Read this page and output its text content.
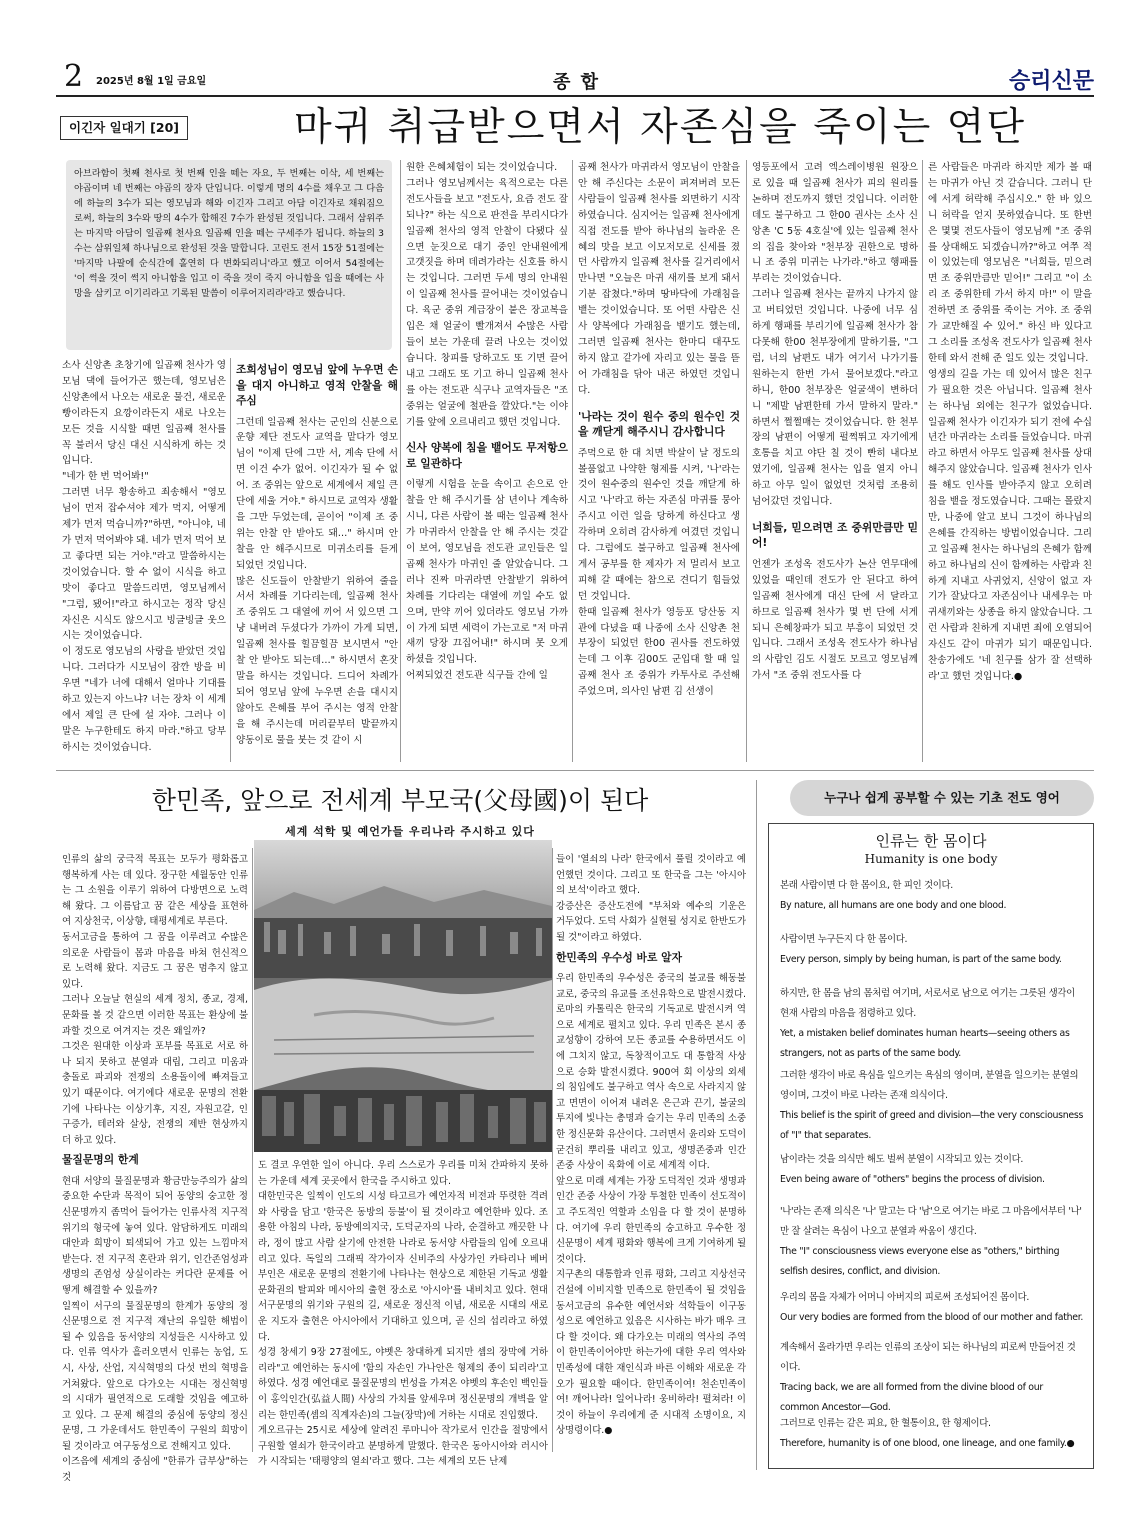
2 2025년 8월 1일 금요일	종 합	승리신문
이긴자 일대기 [20]	마귀 취급받으면서 자존심을 죽이는 연단
아브라함이 첫째 천사로 첫 번째 인을 떼는 자요, 두 번째는 이삭, 세 번째는 야곱이며 네 번째는 야곱의 장자 단입니다. 이렇게 명의 4수를 채우고 그 다음에 하늘의 3수가 되는 영모님과 해와 이긴자 그리고 아담 이긴자로 채워짐으로써, 하늘의 3수와 땅의 4수가 합해진 7수가 완성된 것입니다. 그래서 삼위주는 마지막 아담이 일곱째 천사요 일곱째 인을 떼는 구세주가 됩니다. 하늘의 3수는 삼위일체 하나님으로 완성된 것을 말합니다. 고린도 전서 15장 51절에는 '마지막 나팔에 순식간에 홀연히 다 변화되리니'라고 했고 이어서 54절에는 '이 썩을 것이 썩지 아니함을 입고 이 죽을 것이 죽지 아니함을 입을 때에는 사망을 삼키고 이기리라고 기록된 말씀이 이루어지리라'라고 했습니다.

소사 신앙촌 초창기에 일곱째 천사가 영모님 댁에 들어가곤 했는데, 영모님은 신앙촌에서 나오는 새로운 물건, 새로운 빵이라든지 요깡이라든지 새로 나오는 모든 것을 시식할 때면 일곱째 천사를 꼭 불러서 당신 대신 시식하게 하는 것입니다.

"네가 한 번 먹어봐!"

그러면 너무 황송하고 죄송해서 "영모님이 먼저 잡수셔야 제가 먹지, 어떻게 제가 먼저 먹습니까?"하면, "아니야, 네가 먼저 먹어봐야 돼. 네가 먼저 먹어 보고 좋다면 되는 거야."라고 말씀하시는 것이었습니다. 할 수 없이 시식을 하고 맛이 좋다고 말씀드리면, 영모님께서 "그럼, 됐어!"라고 하시고는 정작 당신 자신은 시식도 않으시고 빙글빙글 웃으시는 것이었습니다.

이 정도로 영모님의 사랑을 받았던 것입니다. 그러다가 시모님이 잠깐 방을 비우면 "네가 너에 대해서 얼마나 기대를 하고 있는지 아느냐? 너는 장차 이 세계에서 제일 큰 단에 설 자야. 그러나 이 말은 누구한테도 하지 마라."하고 당부하시는 것이었습니다.

조희성님이 영모님 앞에 누우면 손을 대지 아니하고 영적 안찰을 해주심

그런데 일곱째 천사는 군인의 신분으로 운향 제단 전도사 교역을 맡다가 영모님이 "이제 단에 그만 서, 계속 단에 서면 이건 수가 없어. 이긴자가 될 수 없어. 조 중위는 앞으로 세계에서 제일 큰 단에 세울 거야." 하시므로 교역자 생활을 그만 두었는데, 곧이어 "이제 조 중위는 안찰 안 받아도 돼…" 하시며 안찰을 안 해주시므로 미귀소리를 듣게 되었던 것입니다.

많은 신도들이 안찰받기 위하여 줄을 서서 차례를 기다리는데, 일곱째 천사 조 중위도 그 대열에 끼어 서 있으면 그냥 내버려 두셨다가 가까이 가게 되면, 일곱째 천사를 힐끔힐끔 보시면서 "안찰 안 받아도 되는데…" 하시면서 혼잣말을 하시는 것입니다. 드디어 차례가 되어 영모님 앞에 누우면 손을 대시지 않아도 은혜를 부어 주시는 영적 안찰을 해 주시는데 머리끝부터 발끝까지 양동이로 물을 붓는 것 같이 시

원한 은혜체험이 되는 것이었습니다.

그러나 영모님께서는 육적으로는 다른 전도사들을 보고 "전도사, 요즘 전도 잘되나?" 하는 식으로 판전을 부리시다가 일곱째 천사의 영적 안찰이 다됐다 싶으면 눈짓으로 대기 중인 안내원에게 고갯짓을 하며 데려가라는 신호를 하시는 것입니다. 그러면 두세 명의 안내원이 일곱째 천사를 끌어내는 것이었습니다. 육군 중위 계급장이 붙은 장교복을 입은 채 얼굴이 빨개져서 수많은 사람들이 보는 가운데 끌려 나오는 것이었습니다. 창피를 당하고도 또 기면 끌어내고 그래도 또 기고 하니 일곱째 천사를 아는 전도관 식구나 교역자들은 "조 중위는 얼굴에 철판을 깔았다."는 이야기를 앞에 오르내리고 했던 것입니다.

신사 양복에 침을 뱉어도 무저항으로 일관하다

이렇게 시험을 눈을 속이고 손으로 안찰을 안 해 주시기를 삼 년이나 계속하시니, 다른 사람이 볼 때는 일곱째 천사가 마귀라서 안찰을 안 해 주시는 것같이 보여, 영모님을 전도관 교인들은 일곱째 천사가 마귀인 줄 알았습니다. 그러나 진짜 마귀라면 안찰받기 위하여 차례를 기다리는 대열에 끼일 수도 없으며, 만약 끼어 있더라도 영모님 가까이 가게 되면 세력이 가는고로 "저 마귀새끼 당장 끄집어내!" 하시며 못 오게 하셨을 것입니다.

어찌되었건 전도관 식구들 간에 일

곱째 천사가 마귀라서 영모님이 안찰을 안 해 주신다는 소문이 퍼져버려 모든 사람들이 일곱째 천사를 외면하기 시작하였습니다. 심지어는 일곱째 천사에게 직접 전도를 받아 하나님의 놀라운 은혜의 맛을 보고 이모저모로 신세를 졌던 사람까지 일곱째 천사를 길거리에서 만나면 "오늘은 마귀 새끼를 보게 돼서 기분 잡쳤다."하며 땅바닥에 가래침을 뱉는 것이었습니다. 또 어떤 사람은 신사 양복에다 가래침을 뱉기도 했는데, 그러면 일곱째 천사는 한마디 대꾸도 하지 않고 같가에 자리고 있는 물을 뜯어 가래침을 닦아 내곤 하였던 것입니다.

'나라는 것이 원수 중의 원수인 것을 깨닫게 해주시니 감사합니다

주먹으로 한 대 치면 박살이 날 정도의 볼품없고 나약한 형제를 시켜, '나'라는 것이 원수중의 원수인 것을 깨닫게 하시고 '나'라고 하는 자존심 마귀를 뭉아주시고 이런 일을 당하게 하신다고 생각하며 오히려 감사하게 여겼던 것입니다. 그럼에도 불구하고 일곱째 천사에게서 공부를 한 제자가 저 멀리서 보고 피해 갈 때에는 참으로 견디기 힘들었던 것입니다.

한때 일곱째 천사가 영등포 당산동 지관에 다녔을 때 나중에 소사 신앙촌 천부장이 되었던 한00 권사를 전도하였는데 그 이후 김00도 군입대 할 때 일곱째 천사 조 중위가 카투사로 주선해 주었으며, 의사인 남편 김 선생이

영등포에서 고려 엑스레이병원 원장으로 있을 때 일곱째 천사가 피의 원리를 논하며 전도까지 했던 것입니다. 이러한데도 불구하고 그 한00 권사는 소사 신앙촌 'C 5동 4호실'에 있는 일곱째 천사의 집을 찾아와 "천부장 권한으로 명하니 조 중위 미귀는 나가라."하고 행패를 부리는 것이었습니다.

그러나 일곱째 천사는 끝까지 나가지 않고 버티었던 것입니다. 나중에 너무 심하게 행패를 부리기에 일곱째 천사가 참다못해 한00 천부장에게 말하기를, "그럼, 너의 남편도 내가 여기서 나가기를 원하는지 한번 가서 물어보겠다."라고 하니, 한00 천부장은 얼굴색이 변하더니 "제발 남편한테 가서 말하지 말라." 하면서 쩔쩔매는 것이었습니다. 한 천부장의 남편이 어떻게 펄쩍뛰고 자기에게 호통을 치고 야단 칠 것이 빤히 내다보였기에, 일곱째 천사는 입을 열지 아니하고 아무 일이 없었던 것처럼 조용히 넘어갔던 것입니다.

너희들, 믿으려면 조 중위만큼만 믿어!

언젠가 조성옥 전도사가 논산 연무대에 있었을 때인데 전도가 안 된다고 하여 일곱째 천사에게 대신 단에 서 달라고 하므로 일곱째 천사가 몇 번 단에 서게 되니 은혜창파가 되고 부흥이 되었던 것입니다. 그래서 조성옥 전도사가 하나님의 사람인 김도 시절도 모르고 영모님께 가서 "조 중위 전도사를 다

른 사람들은 마귀라 하지만 제가 볼 때는 마귀가 아닌 것 같습니다. 그러니 단에 서게 허락해 주십시오." 한 바 있으니 허락을 얻지 못하였습니다. 또 한번은 몇몇 전도사들이 영모님께 "조 중위를 상대해도 되겠습니까?"하고 여쭈 적이 있었는데 영모님은 "너희들, 믿으려면 조 중위만큼만 믿어!" 그리고 "이 소리 조 중위한테 가서 하지 마!" 이 말을 전하면 조 중위를 죽이는 거야. 조 중위가 교만해질 수 있어." 하신 바 있다고 그 소리를 조성옥 전도사가 일곱째 천사한테 와서 전해 준 일도 있는 것입니다.

영생의 길을 가는 데 있어서 많은 친구가 필요한 것은 아닙니다. 일곱째 천사는 하나님 외에는 친구가 없었습니다. 일곱째 천사가 이긴자가 되기 전에 수십 년간 마귀라는 소리를 들었습니다. 마귀라고 하면서 아무도 일곱째 천사를 상대해주지 않았습니다. 일곱째 천사가 인사를 해도 인사를 받아주지 않고 오히려 침을 뱉을 정도였습니다. 그때는 몰랐지만, 나중에 알고 보니 그것이 하나님의 은혜를 간직하는 방법이었습니다. 그리고 일곱째 천사는 하나님의 은혜가 함께하고 하나님의 신이 함께하는 사람과 친하게 지내고 사귀었지, 신앙이 없고 자기가 잘났다고 자존심이나 내세우는 마귀새끼와는 상종을 하지 않았습니다. 그런 사람과 친하게 지내면 죄에 오염되어 자신도 같이 마귀가 되기 때문입니다. 찬송가에도 '네 친구를 삼가 잘 선택하라'고 했던 것입니다.●

한민족, 앞으로 전세계 부모국(父母國)이 된다
세계 석학 및 예언가들 우리나라 주시하고 있다

인류의 삶의 궁극적 목표는 모두가 평화롭고 행복하게 사는 데 있다. 장구한 세월동안 인류는 그 소원을 이루기 위하여 다방면으로 노력해 왔다. 그 이름답고 꿈 같은 세상을 표현하여 지상천국, 이상향, 태평세계로 부른다.

동서고금을 통하여 그 꿈을 이루려고 수많은 의로운 사람들이 몸과 마음을 바쳐 헌신적으로 노력해 왔다. 지금도 그 꿈은 멈추지 않고 있다.

그러나 오늘날 현실의 세계 정치, 종교, 경제, 문화를 볼 것 같으면 이러한 목표는 환상에 불과할 것으로 여겨지는 것은 왜일까?

그것은 원대한 이상과 포부를 목표로 서로 하나 되지 못하고 분열과 대립, 그리고 미움과 충돌로 파괴와 전쟁의 소용돌이에 빠져들고 있기 때문이다. 여기에다 새로운 문명의 전환기에 나타나는 이상기후, 지진, 자원고갈, 인구증가, 테러와 살상, 전쟁의 제반 현상까지 더 하고 있다.

물질문명의 한계

현대 서양의 물질문명과 황금만능주의가 삶의 중요한 수단과 목적이 되어 동양의 숭고한 정신문명까지 좀먹어 들어가는 인류사적 지구적 위기의 형국에 놓여 있다. 암담하게도 미래의 대안과 희망이 퇴색되어 가고 있는 느낌마저 받는다. 전 지구적 혼란과 위기, 인간존엄성과 생명의 존엄성 상실이라는 커다란 문제를 어떻게 해결할 수 있을까?

일찍이 서구의 물질문명의 한계가 동양의 정신문명으로 전 지구적 재난의 유일한 해법이 될 수 있음을 동서양의 지성들은 시사하고 있다. 인류 역사가 흘러오면서 인류는 농업, 도시, 사상, 산업, 지식혁명의 다섯 번의 혁명을 거쳐왔다. 앞으로 다가오는 시대는 정신혁명의 시대가 필연적으로 도래할 것임을 예고하고 있다. 그 문제 해결의 중심에 동양의 정신문명, 그 가운데서도 한민족이 구원의 희망이 될 것이라고 여구동성으로 전해지고 있다.

이즈음에 세계의 중심에 "한류가 급부상"하는 것

도 결코 우연한 일이 아니다. 우리 스스로가 우리를 미처 간파하지 못하는 가운데 세계 곳곳에서 한국을 주시하고 있다.

대한민국은 일찍이 인도의 시성 타고르가 예언자적 비전과 뚜렷한 격려와 사랑을 담고 '한국은 동방의 등불'이 될 것이라고 예언한바 있다. 조용한 아침의 나라, 동방예의지국, 도덕군자의 나라, 순결하고 깨끗한 나라, 정이 많고 사람 살기에 안전한 나라로 동서양 사람들의 입에 오르내리고 있다. 독일의 그래픽 작가이자 신비주의 사상가인 카타리나 베버 부인은 새로운 문명의 전환기에 나타나는 현상으로 제한된 기독교 생활문화권의 탈피와 메시아의 출현 장소로 '아시아'를 내비치고 있다. 현대 서구문명의 위기와 구원의 길, 새로운 정신적 이념, 새로운 시대의 새로운 지도자 출현은 아시아에서 기대하고 있으며, 곧 신의 섭리라고 하였다.

성경 창세기 9장 27절에도, 야벳은 창대하게 되지만 셈의 장막에 거하리라"고 예언하는 동시에 '함의 자손인 가나안은 형제의 종이 되리라'고 하였다. 성경 예언대로 물질문명의 번성을 가져온 야벳의 후손인 백인들이 홍익인간(弘益人間) 사상의 가치를 앞세우며 정신문명의 개벽을 알리는 한민족(셈의 직계자손)의 그늘(장막)에 거하는 시대로 진입했다.

게오르규는 25시로 세상에 알려진 루마니아 작가로서 인간을 절망에서 구원할 열쇠가 한국이라고 분명하게 말했다. 한국은 동아시아와 러시아가 시작되는 '태평양의 열쇠'라고 했다. 그는 세계의 모든 난제

들이 '열쇠의 나라' 한국에서 풀릴 것이라고 예언했던 것이다. 그리고 또 한국을 그는 '아시아의 보석'이라고 했다.

강증산은 증산도전에 "부처와 예수의 기운은 거두었다. 도덕 사회가 실현될 성지로 한반도가 될 것"이라고 하였다.

한민족의 우수성 바로 알자

우리 한민족의 우수성은 중국의 불교를 해동불교로, 중국의 유교를 조선유학으로 발전시켰다. 로마의 카톨릭은 한국의 기독교로 발전시켜 역으로 세계로 펼치고 있다. 우리 민족은 본시 종교성향이 강하여 모든 종교를 수용하면서도 이에 그치지 않고, 독창적이고도 대 통합적 사상으로 승화 발전시켰다. 900여 회 이상의 외세의 침입에도 불구하고 역사 속으로 사라지지 않고 면면이 이어져 내려온 은근과 끈기, 불굴의 투지에 빛나는 총명과 슬기는 우리 민족의 소중한 정신문화 유산이다. 그러면서 윤리와 도덕이 굳건히 뿌리를 내리고 있고, 생명존중과 인간 존중 사상이 육화에 이로 세계적 이다.

앞으로 미래 세계는 가장 도덕적인 것과 생명과 인간 존중 사상이 가장 투철한 민족이 선도적이고 주도적인 역할과 소임을 다 할 것이 분명하다. 여기에 우리 한민족의 숭고하고 우수한 정신문명이 세계 평화와 행복에 크게 기여하게 될 것이다.

지구촌의 대통합과 인류 평화, 그리고 지상선국 건설에 이비지할 민족으로 한민족이 될 것임을 동서고금의 유수한 예언서와 석학들이 이구동성으로 예언하고 있음은 시사하는 바가 매우 크다 할 것이다. 왜 다가오는 미래의 역사의 주역이 한민족이어야만 하는가에 대한 우리 역사와 민족성에 대한 재인식과 바른 이해와 새로운 각오가 필요할 때이다. 한민족이여! 천손민족이여! 깨어나라! 일어나라! 웅비하라! 펼쳐라! 이것이 하늘이 우리에게 준 시대적 소명이요, 지상명령이다.●

누구나 쉽게 공부할 수 있는 기초 전도 영어
인류는 한 몸이다
Humanity is one body
본래 사람이면 다 한 몸이요, 한 피인 것이다.
By nature, all humans are one body and one blood.
사람이면 누구든지 다 한 몸이다.
Every person, simply by being human, is part of the same body.
하지만, 한 몸을 남의 몸처럼 여기며, 서로서로 남으로 여기는 그릇된 생각이 현재 사람의 마음을 점령하고 있다.
Yet, a mistaken belief dominates human hearts—seeing others as strangers, not as parts of the same body.
그러한 생각이 바로 욕심을 일으키는 욕심의 영이며, 분열을 일으키는 분열의 영이며, 그것이 바로 나라는 존재 의식이다.
This belief is the spirit of greed and division—the very consciousness of "I" that separates.
남이라는 것을 의식만 해도 벌써 분열이 시작되고 있는 것이다.
Even being aware of "others" begins the process of division.
'나'라는 존재 의식은 '나' 말고는 다 '남'으로 여기는 바로 그 마음에서부터 '나' 만 잘 살려는 욕심이 나오고 분열과 싸움이 생긴다.
The "I" consciousness views everyone else as "others," birthing selfish desires, conflict, and division.
우리의 몸을 자체가 어머니 아버지의 피로써 조성되어진 몸이다.
Our very bodies are formed from the blood of our mother and father.
계속해서 올라가면 우리는 인류의 조상이 되는 하나님의 피로써 만들어진 것이다.
Tracing back, we are all formed from the divine blood of our common Ancestor—God.
그러므로 인류는 같은 피요, 한 혈통이요, 한 형제이다.
Therefore, humanity is of one blood, one lineage, and one family.●
